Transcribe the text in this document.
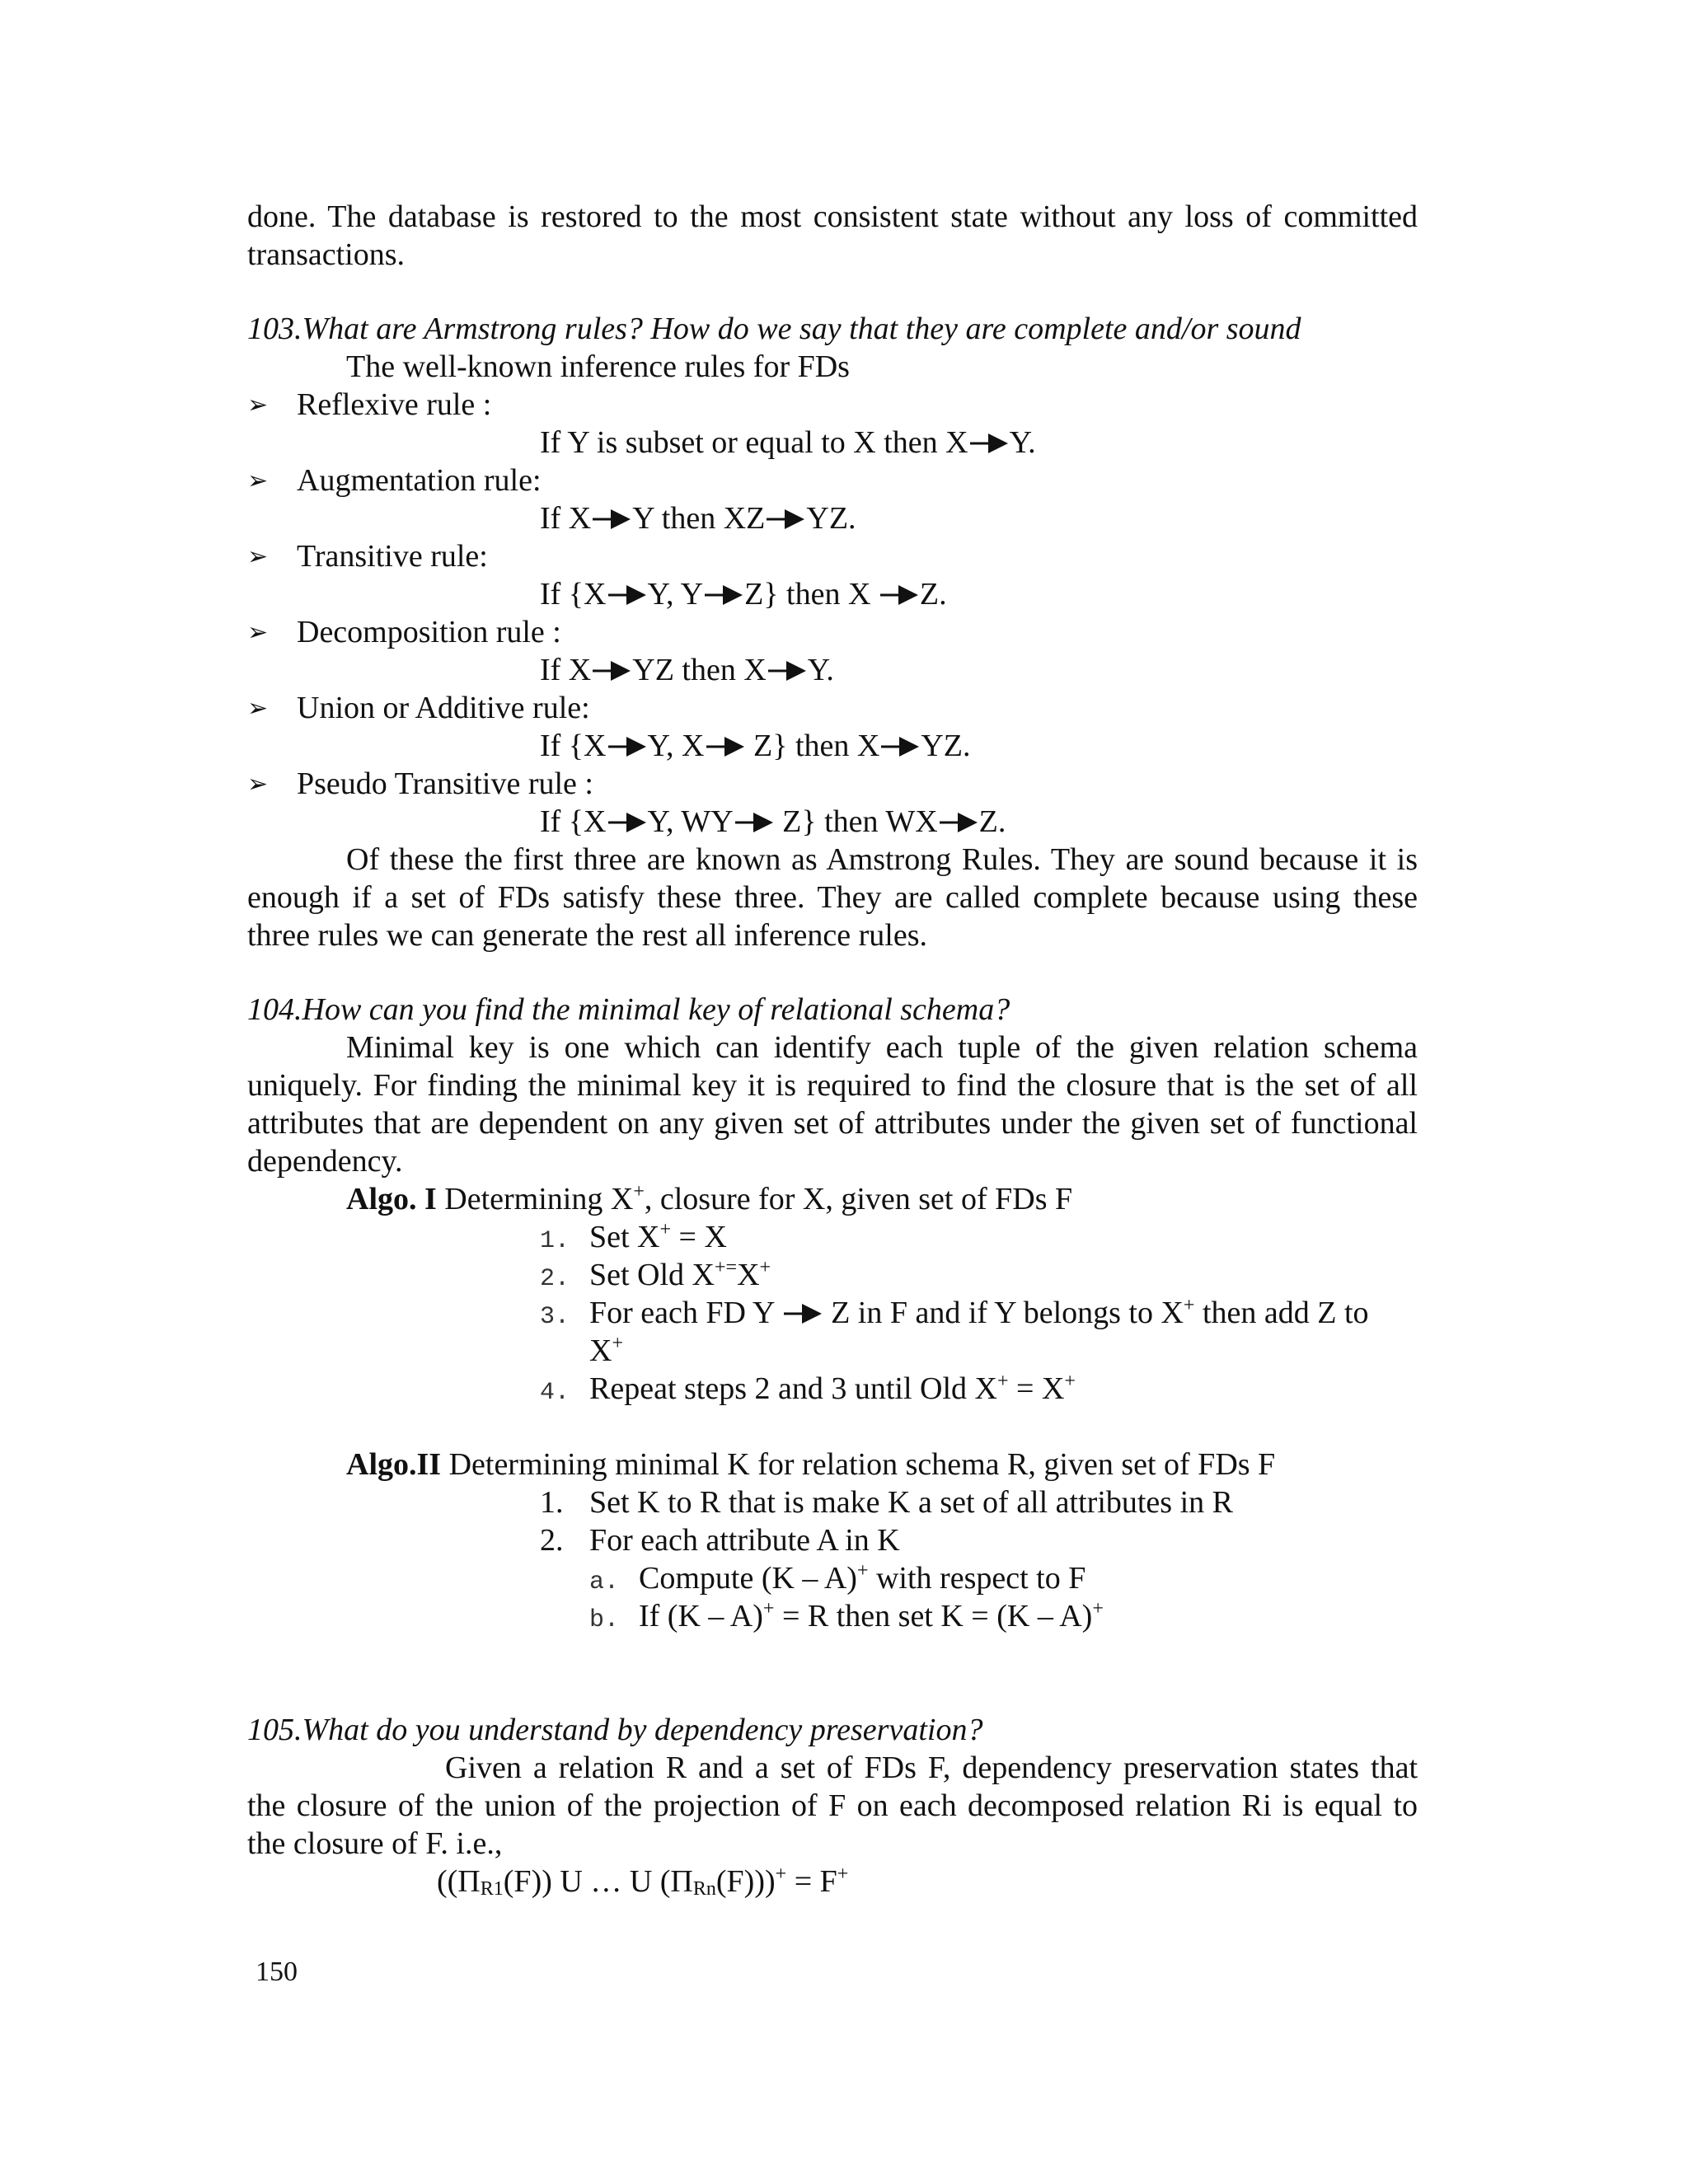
done. The database is restored to the most consistent state without any loss of committed
transactions.
103.What are Armstrong rules? How do we say that they are complete and/or sound
The well-known inference rules for FDs
➢ Reflexive rule :
If Y is subset or equal to X then X Y.
➢ Augmentation rule:
If X Y then XZ YZ.
➢ Transitive rule:
If {X Y, Y Z} then X
Z.
➢ Decomposition rule :
If X YZ then X Y.
➢ Union or Additive rule:
If {X Y, X
Z} then X YZ.
➢ Pseudo Transitive rule :
If {X Y, WY
Z} then WX Z.
Of these the first three are known as Amstrong Rules. They are sound because it is
enough if a set of FDs satisfy these three. They are called complete because using these
three rules we can generate the rest all inference rules.
104.How can you find the minimal key of relational schema?
Minimal key is one which can identify each tuple of the given relation schema
uniquely. For finding the minimal key it is required to find the closure that is the set of all
attributes that are dependent on any given set of attributes under the given set of functional
dependency.
Algo. I Determining X+, closure for X, given set of FDs F
1. Set X+ = X
2. Set Old X+=X+
3. For each FD Y
Z in F and if Y belongs to X+ then add Z to
X+
4. Repeat steps 2 and 3 until Old X+ = X+
Algo.II Determining minimal K for relation schema R, given set of FDs F
1. Set K to R that is make K a set of all attributes in R
2. For each attribute A in K
a. Compute (K – A)+ with respect to F
b. If (K – A)+ = R then set K = (K – A)+
105.What do you understand by dependency preservation?
Given a relation R and a set of FDs F, dependency preservation states that
the closure of the union of the projection of F on each decomposed relation Ri is equal to
the closure of F. i.e.,
($(\Pi_{R1}(F))$ U … U $(\Pi_{Rn}(F)))^+ = F^+$
150
